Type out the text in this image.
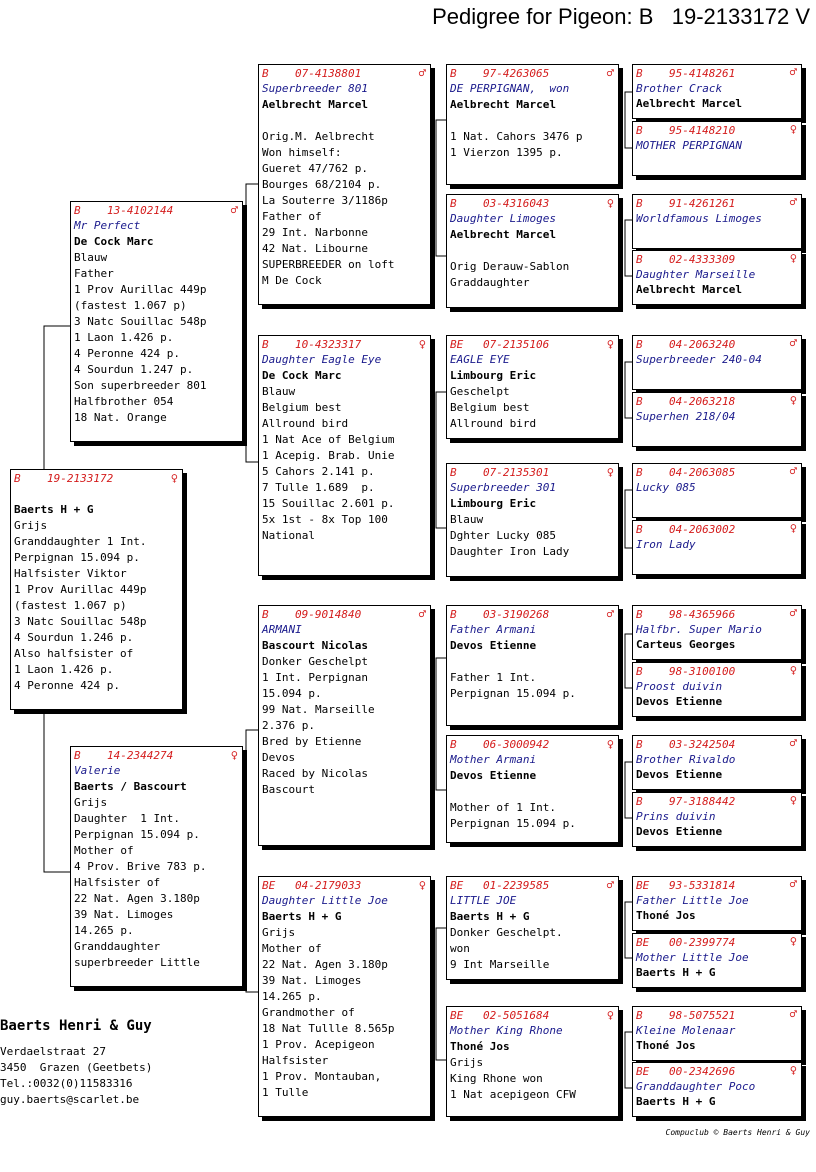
Pedigree for Pigeon: B   19-2133172 V
B 19-2133172	♀
Baerts H + G
Grijs
Granddaughter 1 Int.
Perpignan 15.094 p.
Halfsister Viktor
1 Prov Aurillac 449p
(fastest 1.067 p)
3 Natc Souillac 548p
4 Sourdun 1.246 p.
Also halfsister of
1 Laon 1.426 p.
4 Peronne 424 p.
B 13-4102144	♂
Mr Perfect
De Cock Marc
Blauw
Father
1 Prov Aurillac 449p
(fastest 1.067 p)
3 Natc Souillac 548p
1 Laon 1.426 p.
4 Peronne 424 p.
4 Sourdun 1.247 p.
Son superbreeder 801
Halfbrother 054
18 Nat. Orange
B 14-2344274	♀
Valerie
Baerts / Bascourt
Grijs
Daughter  1 Int.
Perpignan 15.094 p.
Mother of
4 Prov. Brive 783 p.
Halfsister of
22 Nat. Agen 3.180p
39 Nat. Limoges
14.265 p.
Granddaughter
superbreeder Little
B 07-4138801	♂
Superbreeder 801
Aelbrecht Marcel
Orig.M. Aelbrecht
Won himself:
Gueret 47/762 p.
Bourges 68/2104 p.
La Souterre 3/1186p
Father of
29 Int. Narbonne
42 Nat. Libourne
SUPERBREEDER on loft
M De Cock
B 10-4323317	♀
Daughter Eagle Eye
De Cock Marc
Blauw
Belgium best
Allround bird
1 Nat Ace of Belgium
1 Acepig. Brab. Unie
5 Cahors 2.141 p.
7 Tulle 1.689  p.
15 Souillac 2.601 p.
5x 1st - 8x Top 100
National
B 09-9014840	♂
ARMANI
Bascourt Nicolas
Donker Geschelpt
1 Int. Perpignan
15.094 p.
99 Nat. Marseille
2.376 p.
Bred by Etienne
Devos
Raced by Nicolas
Bascourt
BE 04-2179033	♀
Daughter Little Joe
Baerts H + G
Grijs
Mother of
22 Nat. Agen 3.180p
39 Nat. Limoges
14.265 p.
Grandmother of
18 Nat Tullle 8.565p
1 Prov. Acepigeon
Halfsister
1 Prov. Montauban,
1 Tulle
B 97-4263065	♂
DE PERPIGNAN,  won
Aelbrecht Marcel
1 Nat. Cahors 3476 p
1 Vierzon 1395 p.
B 03-4316043	♀
Daughter Limoges
Aelbrecht Marcel
Orig Derauw-Sablon
Graddaughter
BE 07-2135106	♀
EAGLE EYE
Limbourg Eric
Geschelpt
Belgium best
Allround bird
B 07-2135301	♀
Superbreeder 301
Limbourg Eric
Blauw
Dghter Lucky 085
Daughter Iron Lady
B 03-3190268	♂
Father Armani
Devos Etienne
Father 1 Int.
Perpignan 15.094 p.
B 06-3000942	♀
Mother Armani
Devos Etienne
Mother of 1 Int.
Perpignan 15.094 p.
BE 01-2239585	♂
LITTLE JOE
Baerts H + G
Donker Geschelpt.
won
9 Int Marseille
BE 02-5051684	♀
Mother King Rhone
Thoné Jos
Grijs
King Rhone won
1 Nat acepigeon CFW
B 95-4148261	♂
Brother Crack
Aelbrecht Marcel
B 95-4148210	♀
MOTHER PERPIGNAN
B 91-4261261	♂
Worldfamous Limoges
B 02-4333309	♀
Daughter Marseille
Aelbrecht Marcel
B 04-2063240	♂
Superbreeder 240-04
B 04-2063218	♀
Superhen 218/04
B 04-2063085	♂
Lucky 085
B 04-2063002	♀
Iron Lady
B 98-4365966	♂
Halfbr. Super Mario
Carteus Georges
B 98-3100100	♀
Proost duivin
Devos Etienne
B 03-3242504	♂
Brother Rivaldo
Devos Etienne
B 97-3188442	♀
Prins duivin
Devos Etienne
BE 93-5331814	♂
Father Little Joe
Thoné Jos
BE 00-2399774	♀
Mother Little Joe
Baerts H + G
B 98-5075521	♂
Kleine Molenaar
Thoné Jos
BE 00-2342696	♀
Granddaughter Poco
Baerts H + G
Baerts Henri & Guy
Verdaelstraat 27
3450  Grazen (Geetbets)
Tel.:0032(0)11583316
guy.baerts@scarlet.be
Compuclub © Baerts Henri & Guy
